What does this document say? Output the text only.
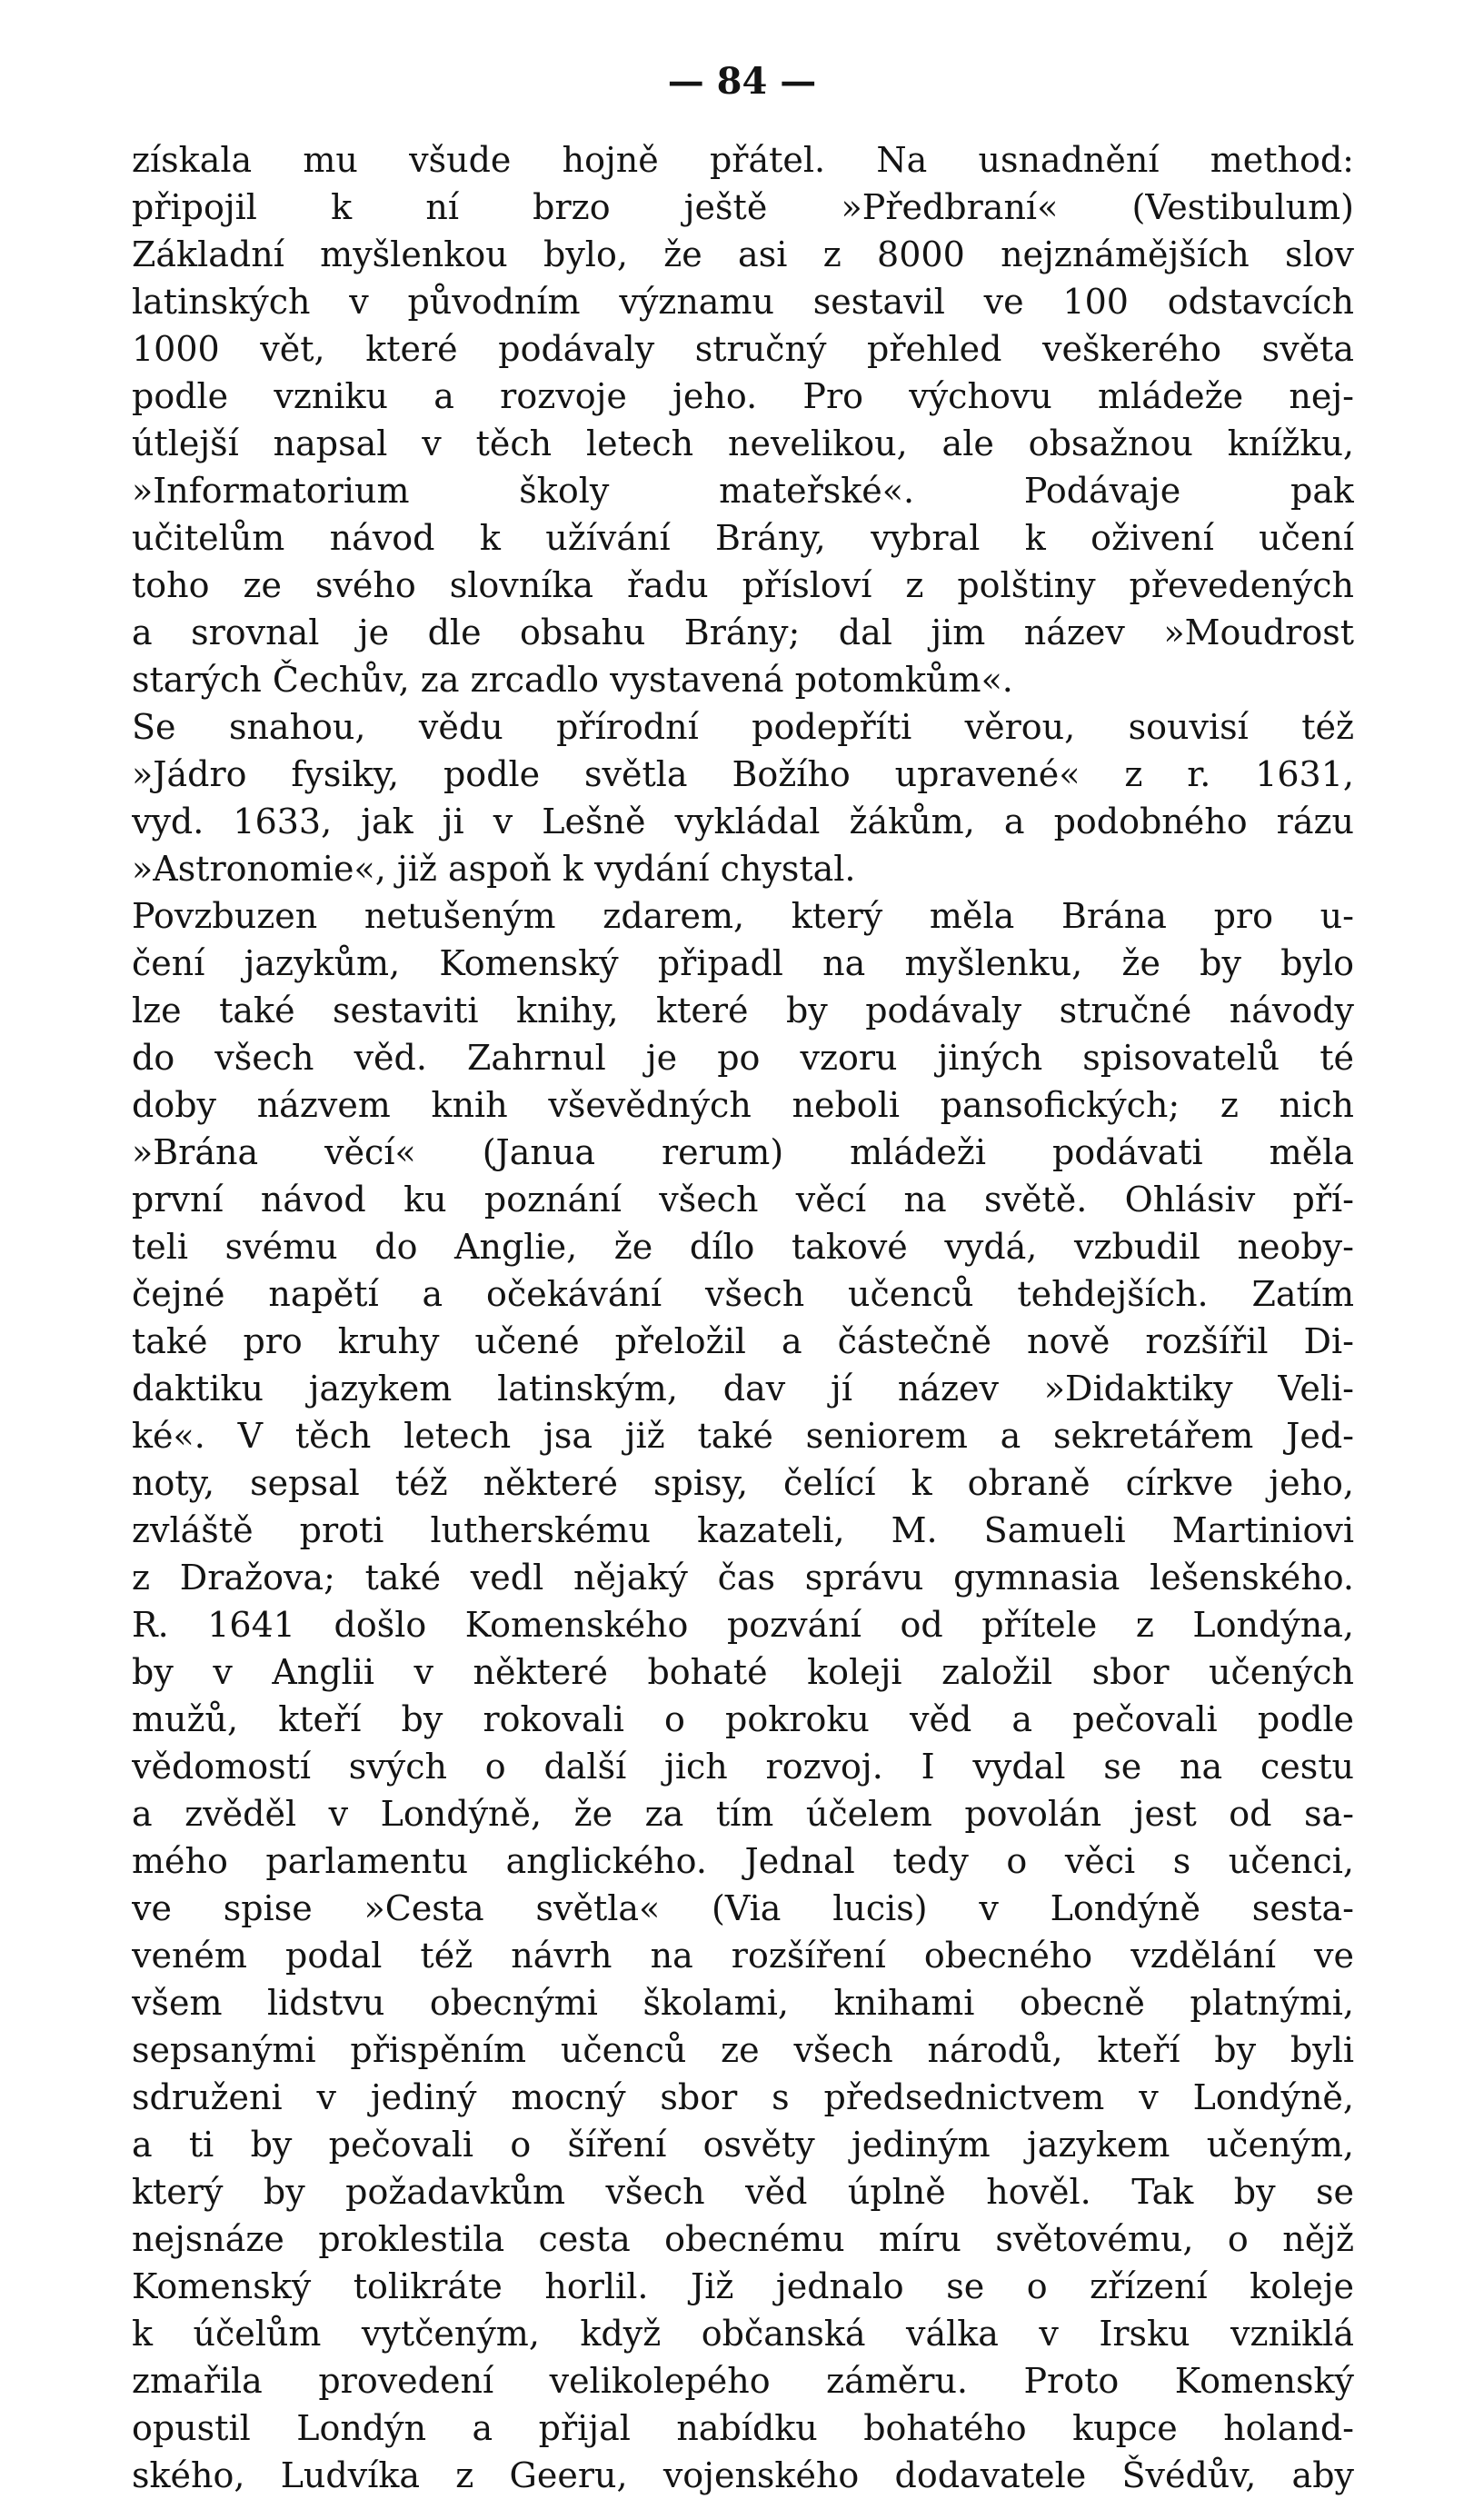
— 84 —
získala mu všude hojně přátel. Na usnadnění method:
připojil k ní brzo ještě »Předbraní« (Vestibulum)
Základní myšlenkou bylo, že asi z 8000 nejznámějších slov
latinských v původním významu sestavil ve 100 odstavcích
1000 vět, které podávaly stručný přehled veškerého světa
podle vzniku a rozvoje jeho. Pro výchovu mládeže nej-
útlejší napsal v těch letech nevelikou, ale obsažnou knížku,
»Informatorium školy mateřské«. Podávaje pak
učitelům návod k užívání Brány, vybral k oživení učení
toho ze svého slovníka řadu přísloví z polštiny převedených
a srovnal je dle obsahu Brány; dal jim název »Moudrost
starých Čechův, za zrcadlo vystavená potomkům«.
Se snahou, vědu přírodní podepříti věrou, souvisí též
»Jádro fysiky, podle světla Božího upravené« z r. 1631,
vyd. 1633, jak ji v Lešně vykládal žákům, a podobného rázu
»Astronomie«, již aspoň k vydání chystal.
Povzbuzen netušeným zdarem, který měla Brána pro u-
čení jazykům, Komenský připadl na myšlenku, že by bylo
lze také sestaviti knihy, které by podávaly stručné návody
do všech věd. Zahrnul je po vzoru jiných spisovatelů té
doby názvem knih vševědných neboli pansofických; z nich
»Brána věcí« (Janua rerum) mládeži podávati měla
první návod ku poznání všech věcí na světě. Ohlásiv pří-
teli svému do Anglie, že dílo takové vydá, vzbudil neoby-
čejné napětí a očekávání všech učenců tehdejších. Zatím
také pro kruhy učené přeložil a částečně nově rozšířil Di-
daktiku jazykem latinským, dav jí název »Didaktiky Veli-
ké«. V těch letech jsa již také seniorem a sekretářem Jed-
noty, sepsal též některé spisy, čelící k obraně církve jeho,
zvláště proti lutherskému kazateli, M. Samueli Martiniovi
z Dražova; také vedl nějaký čas správu gymnasia lešenského.
R. 1641 došlo Komenského pozvání od přítele z Londýna,
by v Anglii v některé bohaté koleji založil sbor učených
mužů, kteří by rokovali o pokroku věd a pečovali podle
vědomostí svých o další jich rozvoj. I vydal se na cestu
a zvěděl v Londýně, že za tím účelem povolán jest od sa-
mého parlamentu anglického. Jednal tedy o věci s učenci,
ve spise »Cesta světla« (Via lucis) v Londýně sesta-
veném podal též návrh na rozšíření obecného vzdělání ve
všem lidstvu obecnými školami, knihami obecně platnými,
sepsanými přispěním učenců ze všech národů, kteří by byli
sdruženi v jediný mocný sbor s předsednictvem v Londýně,
a ti by pečovali o šíření osvěty jediným jazykem učeným,
který by požadavkům všech věd úplně hověl. Tak by se
nejsnáze proklestila cesta obecnému míru světovému, o nějž
Komenský tolikráte horlil. Již jednalo se o zřízení koleje
k účelům vytčeným, když občanská válka v Irsku vzniklá
zmařila provedení velikolepého záměru. Proto Komenský
opustil Londýn a přijal nabídku bohatého kupce holand-
ského, Ludvíka z Geeru, vojenského dodavatele Švédův, aby
